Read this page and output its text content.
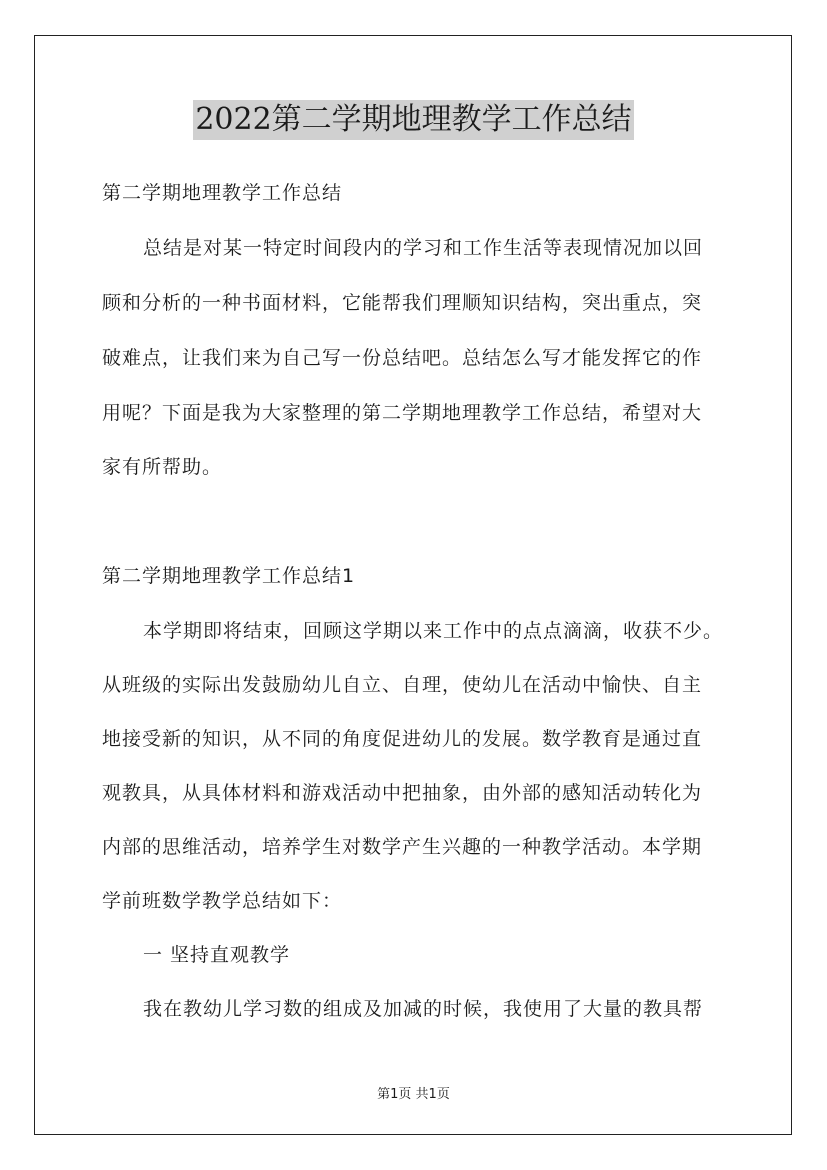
2022第二学期地理教学工作总结
第二学期地理教学工作总结
总结是对某一特定时间段内的学习和工作生活等表现情况加以回
顾和分析的一种书面材料，它能帮我们理顺知识结构，突出重点，突
破难点，让我们来为自己写一份总结吧。总结怎么写才能发挥它的作
用呢？下面是我为大家整理的第二学期地理教学工作总结，希望对大
家有所帮助。
第二学期地理教学工作总结1
本学期即将结束，回顾这学期以来工作中的点点滴滴，收获不少。
从班级的实际出发鼓励幼儿自立、自理，使幼儿在活动中愉快、自主
地接受新的知识，从不同的角度促进幼儿的发展。数学教育是通过直
观教具，从具体材料和游戏活动中把抽象，由外部的感知活动转化为
内部的思维活动，培养学生对数学产生兴趣的一种教学活动。本学期
学前班数学教学总结如下：
一 坚持直观教学
我在教幼儿学习数的组成及加减的时候，我使用了大量的教具帮
第1页 共1页
